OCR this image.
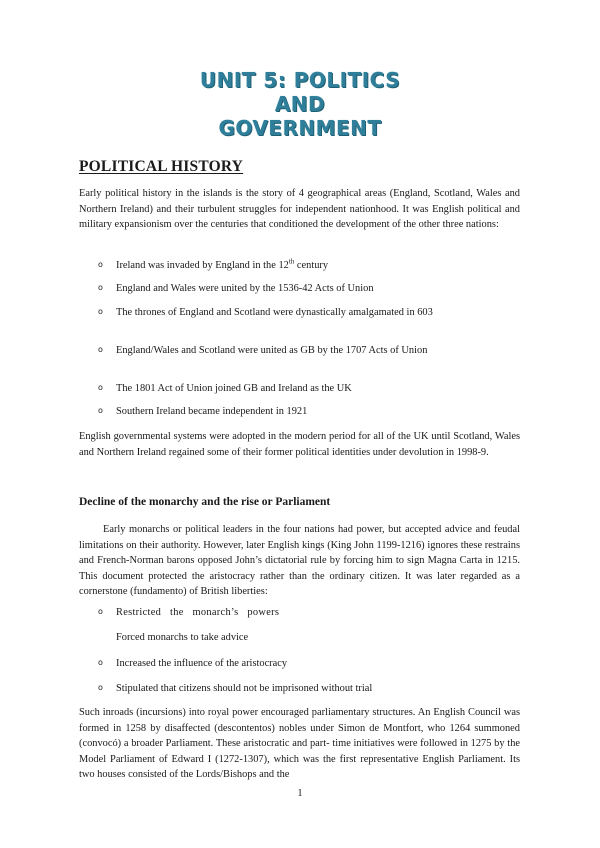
UNIT 5: POLITICS
AND
GOVERNMENT
POLITICAL HISTORY

Early political history in the islands is the story of 4 geographical areas (England, Scotland, Wales and Northern Ireland) and their turbulent struggles for independent nationhood. It was English political and military expansionism over the centuries that conditioned the development of the other three nations:

o Ireland was invaded by England in the 12th century
o England and Wales were united by the 1536-42 Acts of Union
o The thrones of England and Scotland were dynastically amalgamated in 603
o England/Wales and Scotland were united as GB by the 1707 Acts of Union
o The 1801 Act of Union joined GB and Ireland as the UK
o Southern Ireland became independent in 1921

English governmental systems were adopted in the modern period for all of the UK until Scotland, Wales and Northern Ireland regained some of their former political identities under devolution in 1998-9.

Decline of the monarchy and the rise or Parliament

Early monarchs or political leaders in the four nations had power, but accepted advice and feudal limitations on their authority. However, later English kings (King John 1199-1216) ignores these restrains and French-Norman barons opposed John’s dictatorial rule by forcing him to sign Magna Carta in 1215. This document protected the aristocracy rather than the ordinary citizen. It was later regarded as a cornerstone (fundamento) of British liberties:

o Restricted the monarch’s powers
Forced monarchs to take advice
o Increased the influence of the aristocracy
o Stipulated that citizens should not be imprisoned without trial

Such inroads (incursions) into royal power encouraged parliamentary structures. An English Council was formed in 1258 by disaffected (descontentos) nobles under Simon de Montfort, who 1264 summoned (convocó) a broader Parliament. These aristocratic and part- time initiatives were followed in 1275 by the Model Parliament of Edward I (1272-1307), which was the first representative English Parliament. Its two houses consisted of the Lords/Bishops and the

1
